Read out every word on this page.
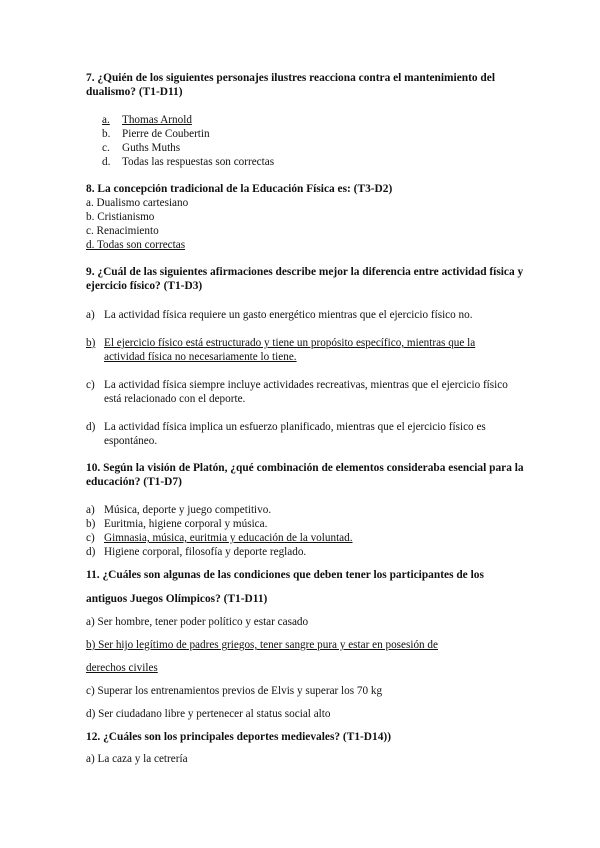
7. ¿Quién de los siguientes personajes ilustres reacciona contra el mantenimiento del dualismo? (T1-D11)
a. Thomas Arnold
b. Pierre de Coubertin
c. Guths Muths
d. Todas las respuestas son correctas
8. La concepción tradicional de la Educación Física es: (T3-D2)
a. Dualismo cartesiano
b. Cristianismo
c. Renacimiento
d. Todas son correctas
9. ¿Cuál de las siguientes afirmaciones describe mejor la diferencia entre actividad física y ejercicio físico? (T1-D3)
a) La actividad física requiere un gasto energético mientras que el ejercicio físico no.
b) El ejercicio físico está estructurado y tiene un propósito específico, mientras que la actividad física no necesariamente lo tiene.
c) La actividad física siempre incluye actividades recreativas, mientras que el ejercicio físico está relacionado con el deporte.
d) La actividad física implica un esfuerzo planificado, mientras que el ejercicio físico es espontáneo.
10. Según la visión de Platón, ¿qué combinación de elementos consideraba esencial para la educación? (T1-D7)
a) Música, deporte y juego competitivo.
b) Euritmia, higiene corporal y música.
c) Gimnasia, música, euritmia y educación de la voluntad.
d) Higiene corporal, filosofía y deporte reglado.
11. ¿Cuáles son algunas de las condiciones que deben tener los participantes de los
antiguos Juegos Olímpicos? (T1-D11)
a) Ser hombre, tener poder político y estar casado
b) Ser hijo legítimo de padres griegos, tener sangre pura y estar en posesión de
derechos civiles
c) Superar los entrenamientos previos de Elvis y superar los 70 kg
d) Ser ciudadano libre y pertenecer al status social alto
12. ¿Cuáles son los principales deportes medievales? (T1-D14))
a) La caza y la cetrería
